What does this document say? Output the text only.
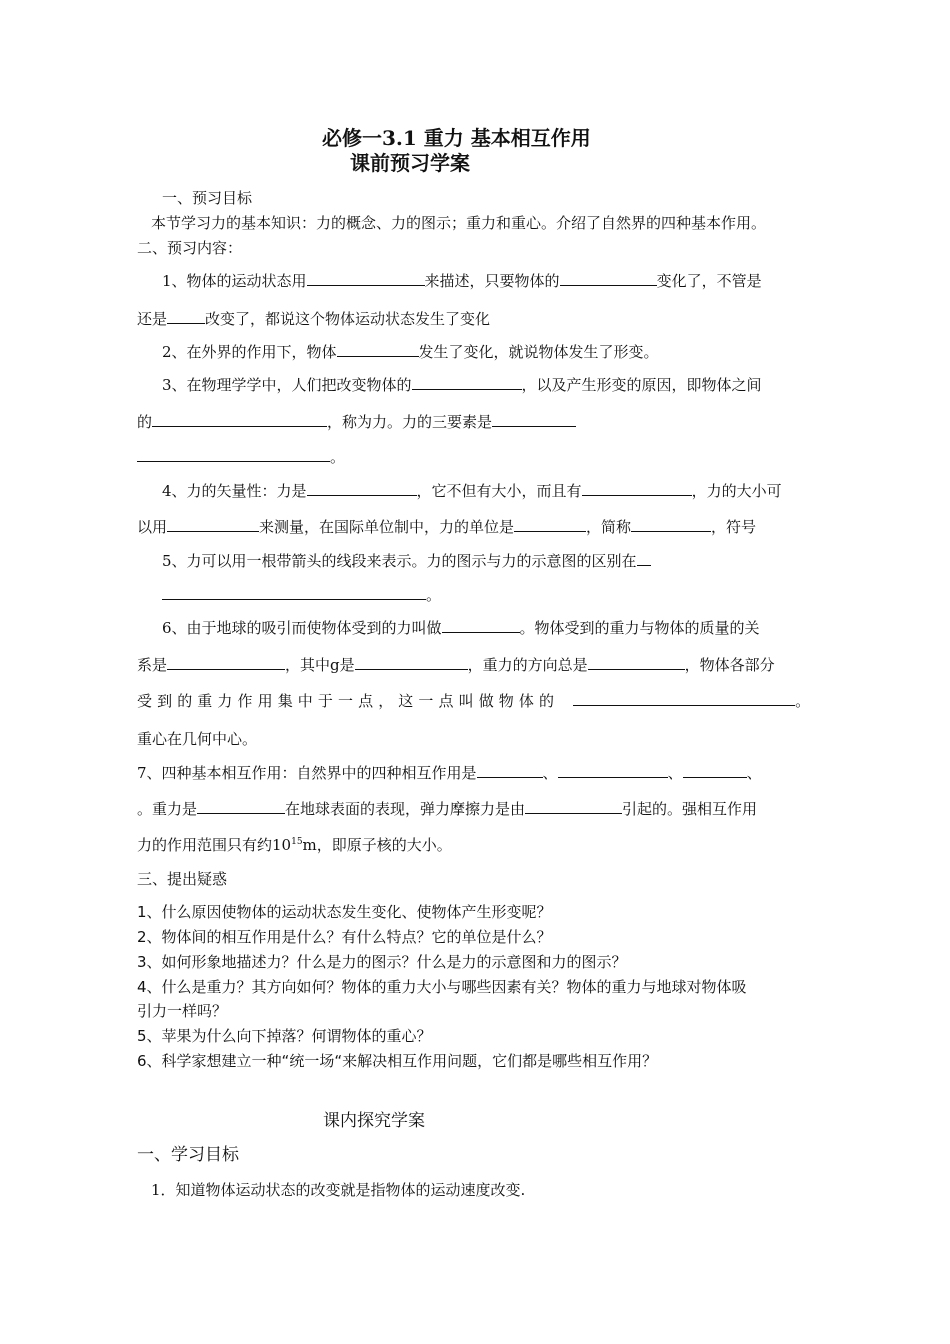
必修一3.1 重力 基本相互作用
课前预习学案
一、预习目标
本节学习力的基本知识：力的概念、力的图示；重力和重心。介绍了自然界的四种基本作用。
二、预习内容：
1、物体的运动状态用	来描述，只要物体的	变化了，不管是
还是	改变了，都说这个物体运动状态发生了变化
2、在外界的作用下，物体	发生了变化，就说物体发生了形变。
3、在物理学学中，人们把改变物体的	，以及产生形变的原因，即物体之间
的	，称为力。力的三要素是
。
4、力的矢量性：力是	，它不但有大小，而且有	，力的大小可
以用	来测量，在国际单位制中，力的单位是	，简称	，符号
5、力可以用一根带箭头的线段来表示。力的图示与力的示意图的区别在
。
6、由于地球的吸引而使物体受到的力叫做	。物体受到的重力与物体的质量的关
系是	，其中g是	，重力的方向总是	，物体各部分
受到的重力作用集中于一点，这一点叫做物体的	。
重心在几何中心。
7、四种基本相互作用：自然界中的四种相互作用是	、	、	、
。重力是	在地球表面的表现，弹力摩擦力是由	引起的。强相互作用
力的作用范围只有约$10^{15}m$，即原子核的大小。
三、提出疑惑
1、什么原因使物体的运动状态发生变化、使物体产生形变呢？
2、物体间的相互作用是什么？有什么特点？它的单位是什么？
3、如何形象地描述力？什么是力的图示？什么是力的示意图和力的图示？
4、什么是重力？其方向如何？物体的重力大小与哪些因素有关？物体的重力与地球对物体吸
引力一样吗？
5、苹果为什么向下掉落？何谓物体的重心？
6、科学家想建立一种“统一场“来解决相互作用问题，它们都是哪些相互作用？
课内探究学案
一、学习目标
1．知道物体运动状态的改变就是指物体的运动速度改变.
